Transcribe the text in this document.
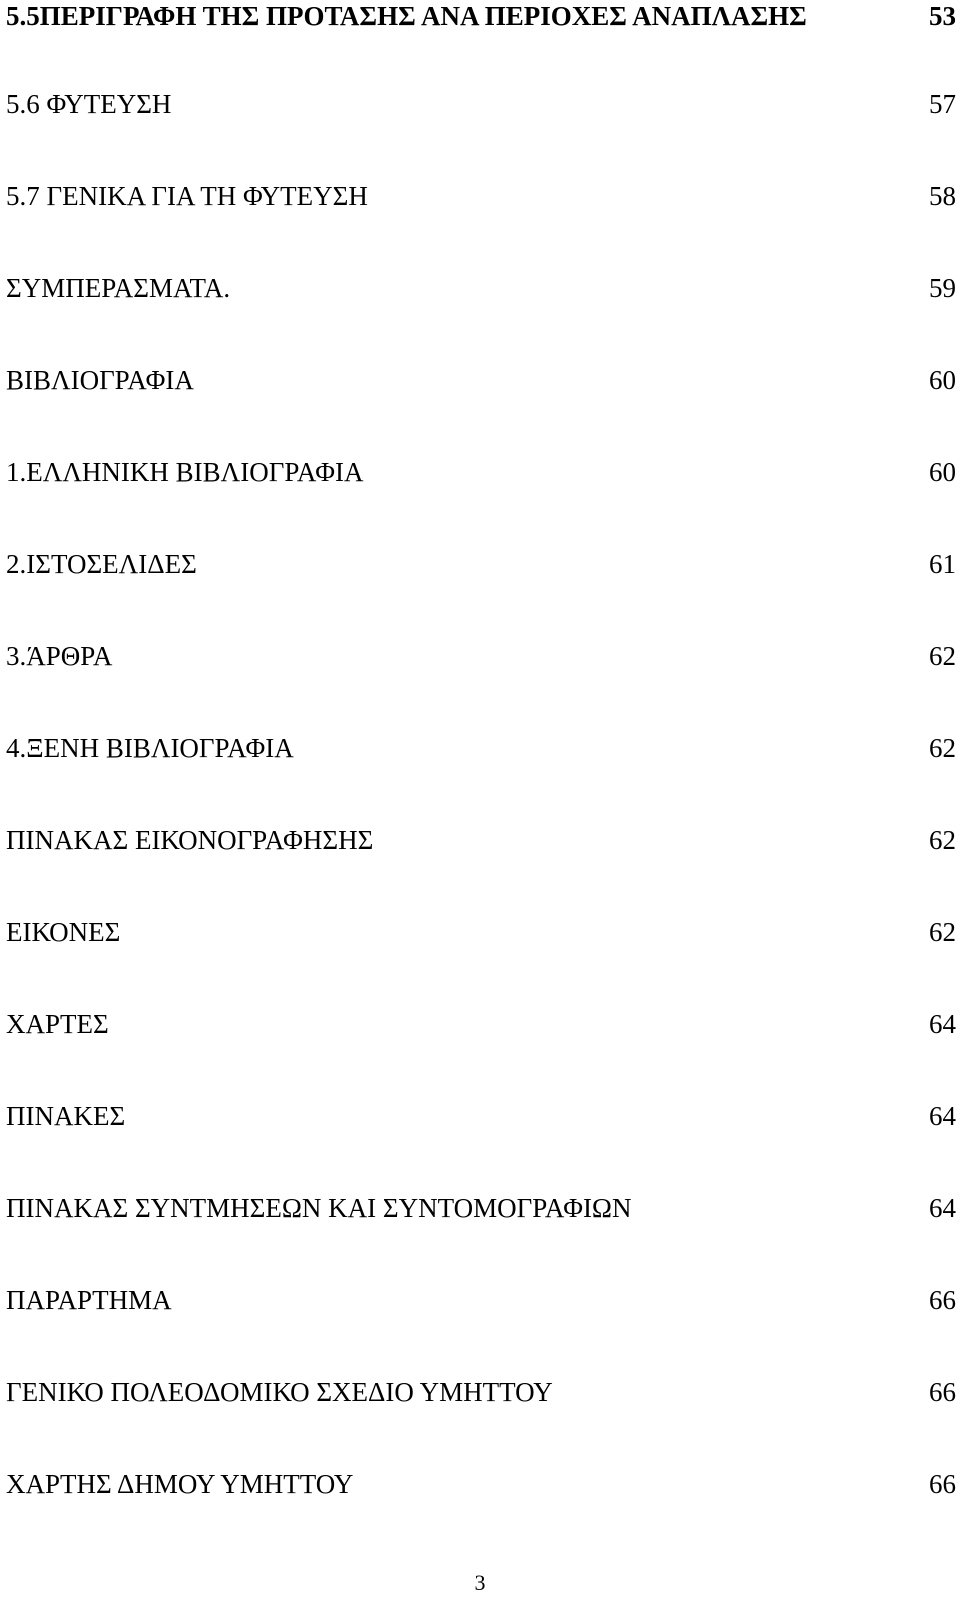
5.5ΠΕΡΙΓΡΑΦΗ ΤΗΣ ΠΡΟΤΑΣΗΣ ΑΝΑ ΠΕΡΙΟΧΕΣ ΑΝΑΠΛΑΣΗΣ	53
5.6 ΦΥΤΕΥΣΗ	57
5.7 ΓΕΝΙΚΑ ΓΙΑ ΤΗ ΦΥΤΕΥΣΗ	58
ΣΥΜΠΕΡΑΣΜΑΤΑ.	59
ΒΙΒΛΙΟΓΡΑΦΙΑ	60
1.ΕΛΛΗΝΙΚΗ ΒΙΒΛΙΟΓΡΑΦΙΑ	60
2.ΙΣΤΟΣΕΛΙΔΕΣ	61
3.ΆΡΘΡΑ	62
4.ΞΕΝΗ ΒΙΒΛΙΟΓΡΑΦΙΑ	62
ΠΙΝΑΚΑΣ ΕΙΚΟΝΟΓΡΑΦΗΣΗΣ	62
ΕΙΚΟΝΕΣ	62
ΧΑΡΤΕΣ	64
ΠΙΝΑΚΕΣ	64
ΠΙΝΑΚΑΣ ΣΥΝΤΜΗΣΕΩΝ ΚΑΙ ΣΥΝΤΟΜΟΓΡΑΦΙΩΝ	64
ΠΑΡΑΡΤΗΜΑ	66
ΓΕΝΙΚΟ ΠΟΛΕΟΔΟΜΙΚΟ ΣΧΕΔΙΟ ΥΜΗΤΤΟΥ	66
ΧΑΡΤΗΣ ΔΗΜΟΥ ΥΜΗΤΤΟΥ	66
3
